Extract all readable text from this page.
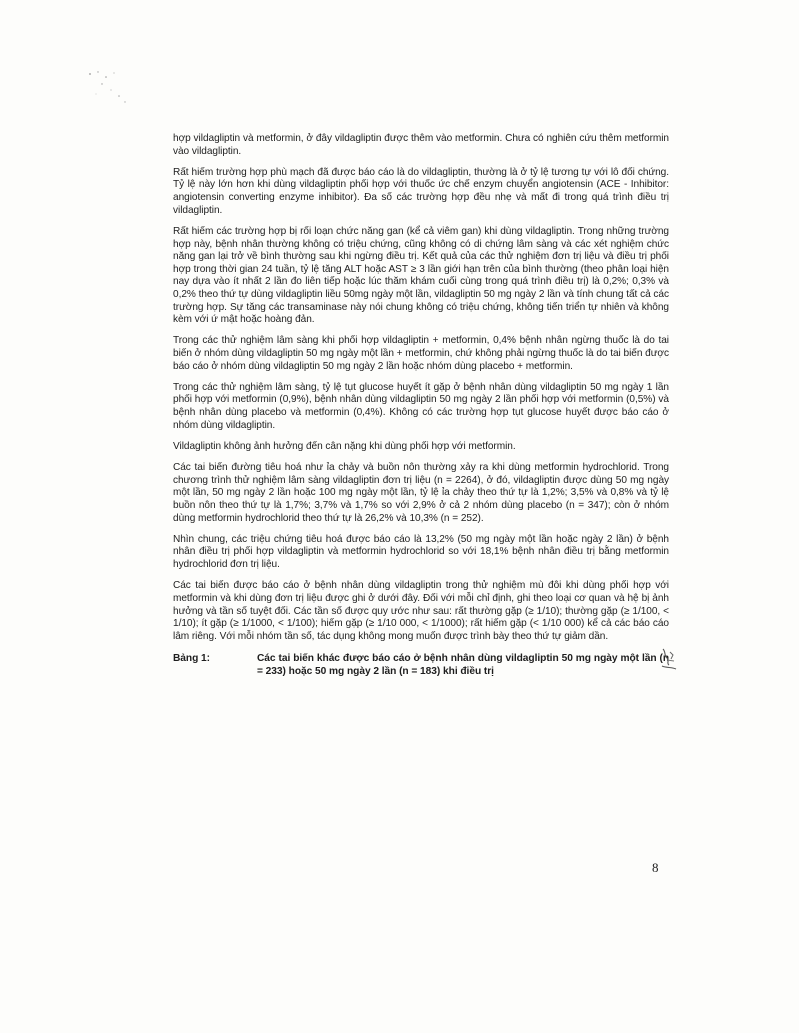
hợp vildagliptin và metformin, ở đây vildagliptin được thêm vào metformin. Chưa có nghiên cứu thêm metformin vào vildagliptin.

Rất hiếm trường hợp phù mạch đã được báo cáo là do vildagliptin, thường là ở tỷ lệ tương tự với lô đối chứng. Tỷ lệ này lớn hơn khi dùng vildagliptin phối hợp với thuốc ức chế enzym chuyển angiotensin (ACE - Inhibitor: angiotensin converting enzyme inhibitor). Đa số các trường hợp đều nhẹ và mất đi trong quá trình điều trị vildagliptin.

Rất hiếm các trường hợp bị rối loạn chức năng gan (kể cả viêm gan) khi dùng vildagliptin. Trong những trường hợp này, bệnh nhân thường không có triệu chứng, cũng không có di chứng lâm sàng và các xét nghiệm chức năng gan lại trở về bình thường sau khi ngừng điều trị. Kết quả của các thử nghiệm đơn trị liệu và điều trị phối hợp trong thời gian 24 tuần, tỷ lệ tăng ALT hoặc AST ≥ 3 lần giới hạn trên của bình thường (theo phân loại hiện nay dựa vào ít nhất 2 lần đo liên tiếp hoặc lúc thăm khám cuối cùng trong quá trình điều trị) là 0,2%; 0,3% và 0,2% theo thứ tự dùng vildagliptin liều 50mg ngày một lần, vildagliptin 50 mg ngày 2 lần và tính chung tất cả các trường hợp. Sự tăng các transaminase này nói chung không có triệu chứng, không tiến triển tự nhiên và không kèm với ứ mật hoặc hoàng đản.

Trong các thử nghiệm lâm sàng khi phối hợp vildagliptin + metformin, 0,4% bệnh nhân ngừng thuốc là do tai biến ở nhóm dùng vildagliptin 50 mg ngày một lần + metformin, chứ không phải ngừng thuốc là do tai biến được báo cáo ở nhóm dùng vildagliptin 50 mg ngày 2 lần hoặc nhóm dùng placebo + metformin.

Trong các thử nghiệm lâm sàng, tỷ lệ tụt glucose huyết ít gặp ở bệnh nhân dùng vildagliptin 50 mg ngày 1 lần phối hợp với metformin (0,9%), bệnh nhân dùng vildagliptin 50 mg ngày 2 lần phối hợp với metformin (0,5%) và bệnh nhân dùng placebo và metformin (0,4%). Không có các trường hợp tụt glucose huyết được báo cáo ở nhóm dùng vildagliptin.

Vildagliptin không ảnh hưởng đến cân nặng khi dùng phối hợp với metformin.

Các tai biến đường tiêu hoá như ỉa chảy và buồn nôn thường xảy ra khi dùng metformin hydrochlorid. Trong chương trình thử nghiệm lâm sàng vildagliptin đơn trị liệu (n = 2264), ở đó, vildagliptin được dùng 50 mg ngày một lần, 50 mg ngày 2 lần hoặc 100 mg ngày một lần, tỷ lệ ỉa chảy theo thứ tự là 1,2%; 3,5% và 0,8% và tỷ lệ buồn nôn theo thứ tự là 1,7%; 3,7% và 1,7% so với 2,9% ở cả 2 nhóm dùng placebo (n = 347); còn ở nhóm dùng metformin hydrochlorid theo thứ tự là 26,2% và 10,3% (n = 252).

Nhìn chung, các triệu chứng tiêu hoá được báo cáo là 13,2% (50 mg ngày một lần hoặc ngày 2 lần) ở bệnh nhân điều trị phối hợp vildagliptin và metformin hydrochlorid so với 18,1% bệnh nhân điều trị bằng metformin hydrochlorid đơn trị liệu.

Các tai biến được báo cáo ở bệnh nhân dùng vildagliptin trong thử nghiệm mù đôi khi dùng phối hợp với metformin và khi dùng đơn trị liệu được ghi ở dưới đây. Đối với mỗi chỉ định, ghi theo loại cơ quan và hệ bị ảnh hưởng và tần số tuyệt đối. Các tần số được quy ước như sau: rất thường gặp (≥ 1/10); thường gặp (≥ 1/100, < 1/10); ít gặp (≥ 1/1000, < 1/100); hiếm gặp (≥ 1/10 000, < 1/1000); rất hiếm gặp (< 1/10 000) kể cả các báo cáo lâm riêng. Với mỗi nhóm tần số, tác dụng không mong muốn được trình bày theo thứ tự giảm dần.

Bảng 1:	Các tai biến khác được báo cáo ở bệnh nhân dùng vildagliptin 50 mg ngày một lần (n = 233) hoặc 50 mg ngày 2 lần (n = 183) khi điều trị
8
